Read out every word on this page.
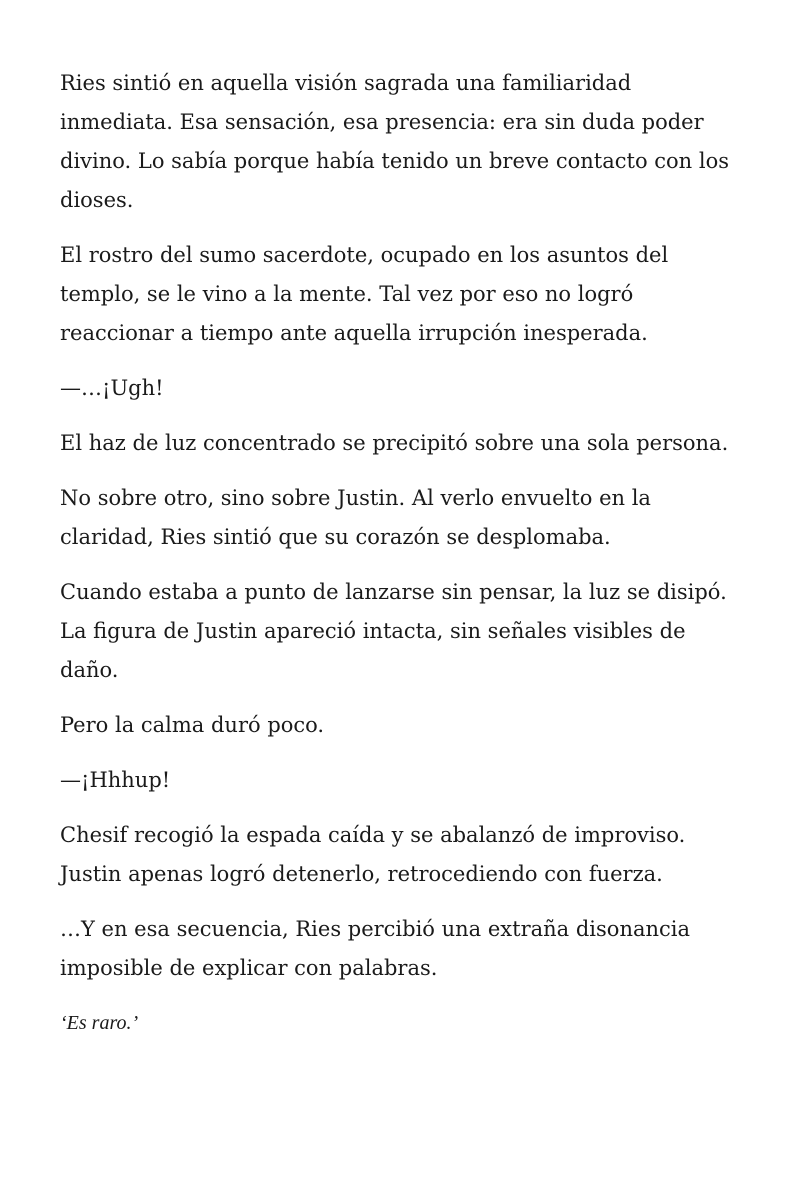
Ries sintió en aquella visión sagrada una familiaridad inmediata. Esa sensación, esa presencia: era sin duda poder divino. Lo sabía porque había tenido un breve contacto con los dioses.

El rostro del sumo sacerdote, ocupado en los asuntos del templo, se le vino a la mente. Tal vez por eso no logró reaccionar a tiempo ante aquella irrupción inesperada.

—…¡Ugh!

El haz de luz concentrado se precipitó sobre una sola persona.

No sobre otro, sino sobre Justin. Al verlo envuelto en la claridad, Ries sintió que su corazón se desplomaba.

Cuando estaba a punto de lanzarse sin pensar, la luz se disipó. La figura de Justin apareció intacta, sin señales visibles de daño.

Pero la calma duró poco.

—¡Hhhup!

Chesif recogió la espada caída y se abalanzó de improviso. Justin apenas logró detenerlo, retrocediendo con fuerza.

…Y en esa secuencia, Ries percibió una extraña disonancia imposible de explicar con palabras.

‘Es raro.’
